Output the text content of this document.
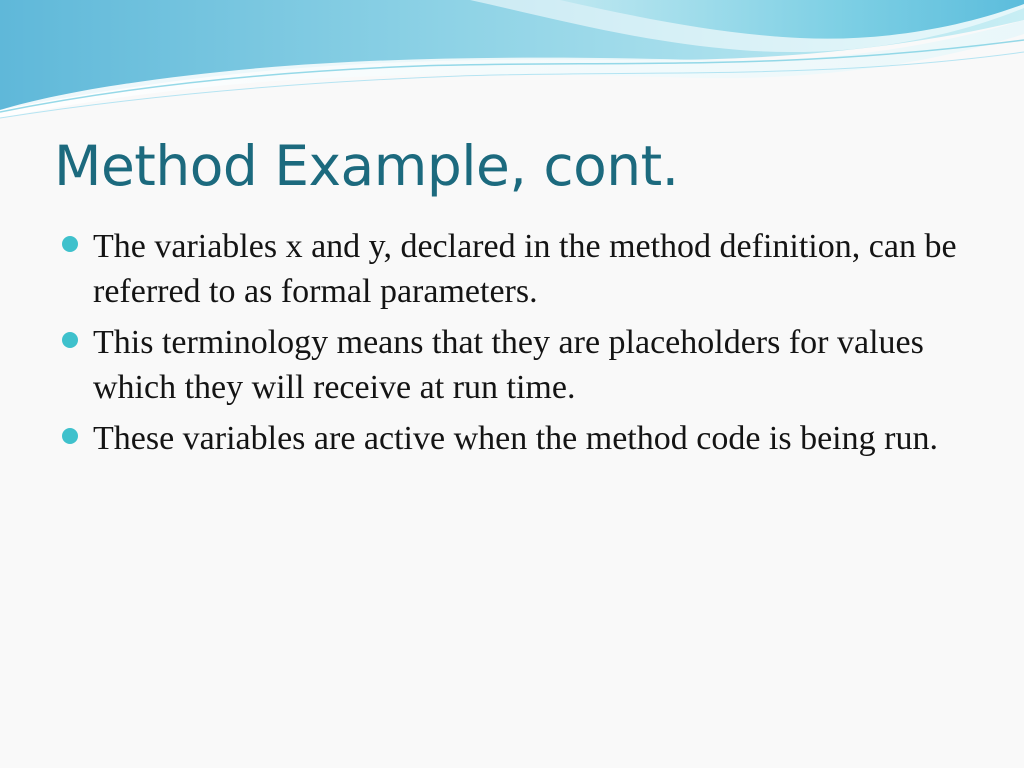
Method Example, cont.
The variables x and y, declared in the method definition, can be referred to as formal parameters.
This terminology means that they are placeholders for values which they will receive at run time.
These variables are active when the method code is being run.
